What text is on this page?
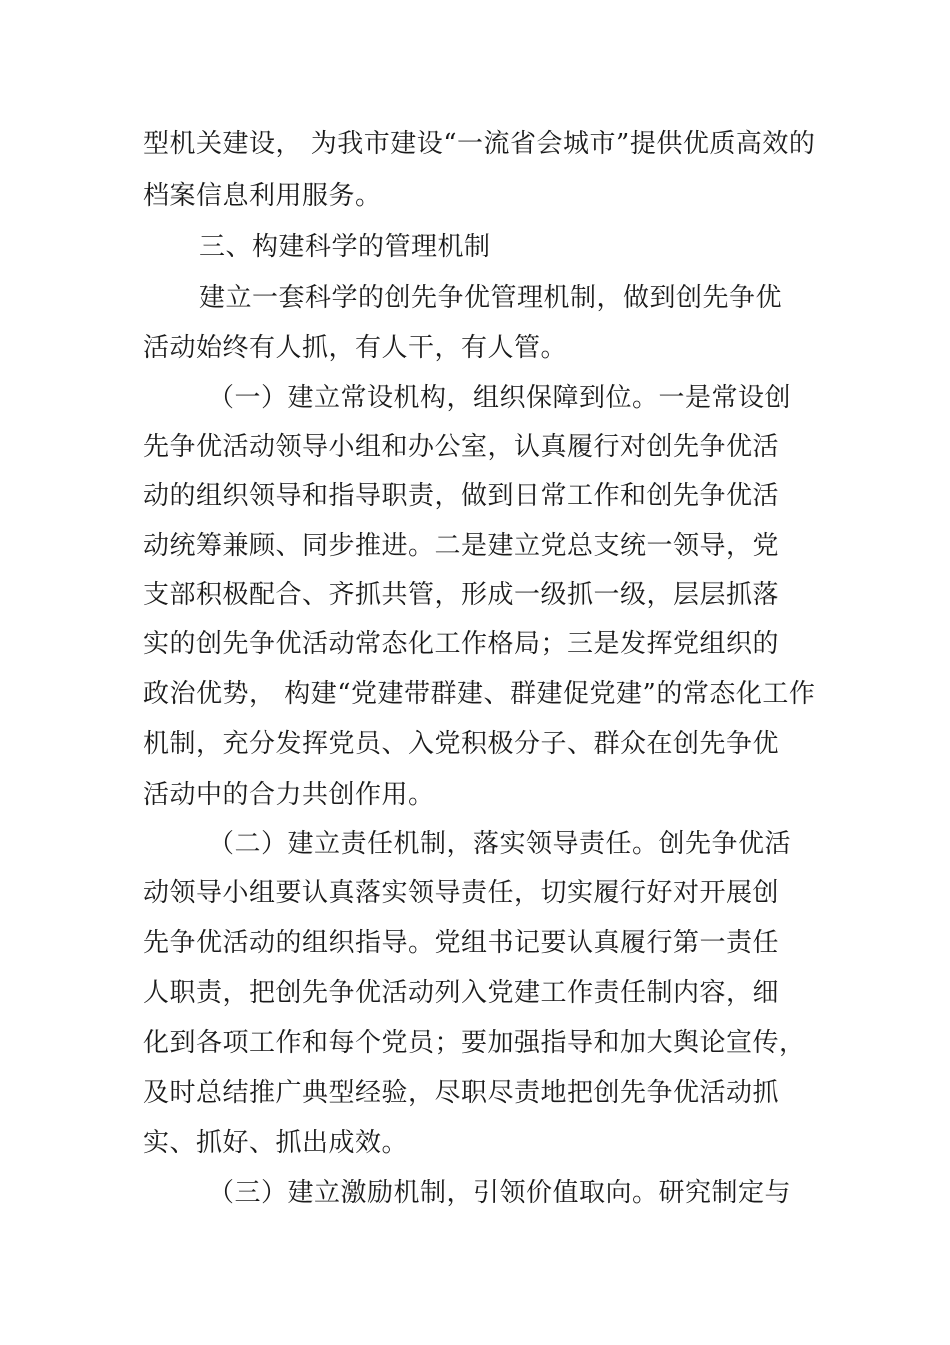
型机关建设， 为我市建设“一流省会城市”提供优质高效的
档案信息利用服务。
三、构建科学的管理机制
建立一套科学的创先争优管理机制，做到创先争优
活动始终有人抓，有人干，有人管。
（一）建立常设机构，组织保障到位。一是常设创
先争优活动领导小组和办公室，认真履行对创先争优活
动的组织领导和指导职责，做到日常工作和创先争优活
动统筹兼顾、同步推进。二是建立党总支统一领导，党
支部积极配合、齐抓共管，形成一级抓一级，层层抓落
实的创先争优活动常态化工作格局；三是发挥党组织的
政治优势， 构建“党建带群建、群建促党建”的常态化工作
机制，充分发挥党员、入党积极分子、群众在创先争优
活动中的合力共创作用。
（二）建立责任机制，落实领导责任。创先争优活
动领导小组要认真落实领导责任，切实履行好对开展创
先争优活动的组织指导。党组书记要认真履行第一责任
人职责，把创先争优活动列入党建工作责任制内容，细
化到各项工作和每个党员；要加强指导和加大舆论宣传，
及时总结推广典型经验，尽职尽责地把创先争优活动抓
实、抓好、抓出成效。
（三）建立激励机制，引领价值取向。研究制定与
